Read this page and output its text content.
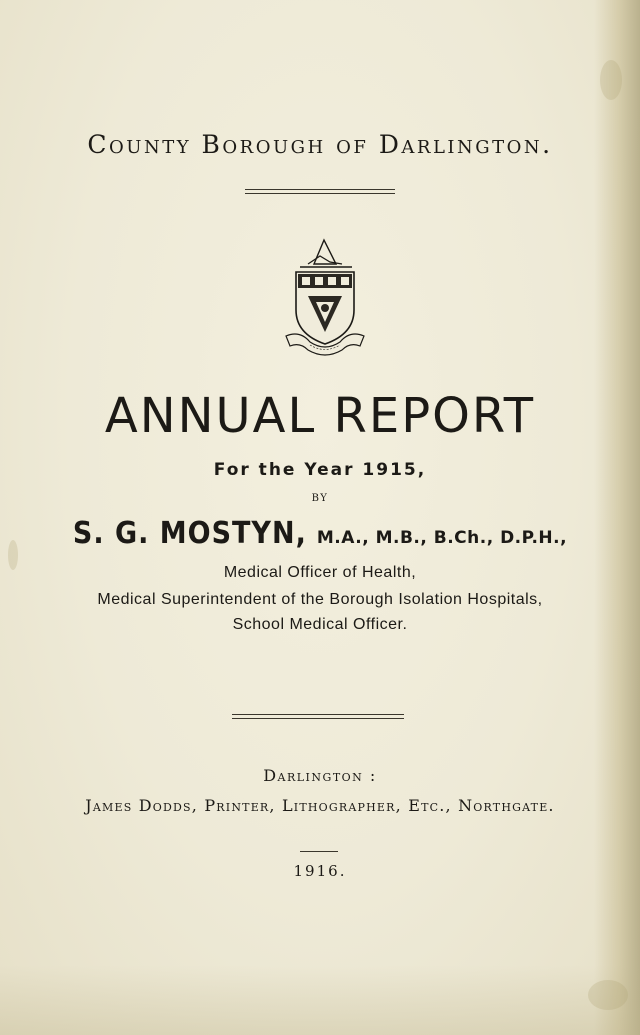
County Borough of Darlington.
ANNUAL REPORT
For the Year 1915,
BY
S. G. MOSTYN, M.A., M.B., B.Ch., D.P.H.,
Medical Officer of Health,
Medical Superintendent of the Borough Isolation Hospitals,
School Medical Officer.
Darlington :
James Dodds, Printer, Lithographer, Etc., Northgate.
1916.
